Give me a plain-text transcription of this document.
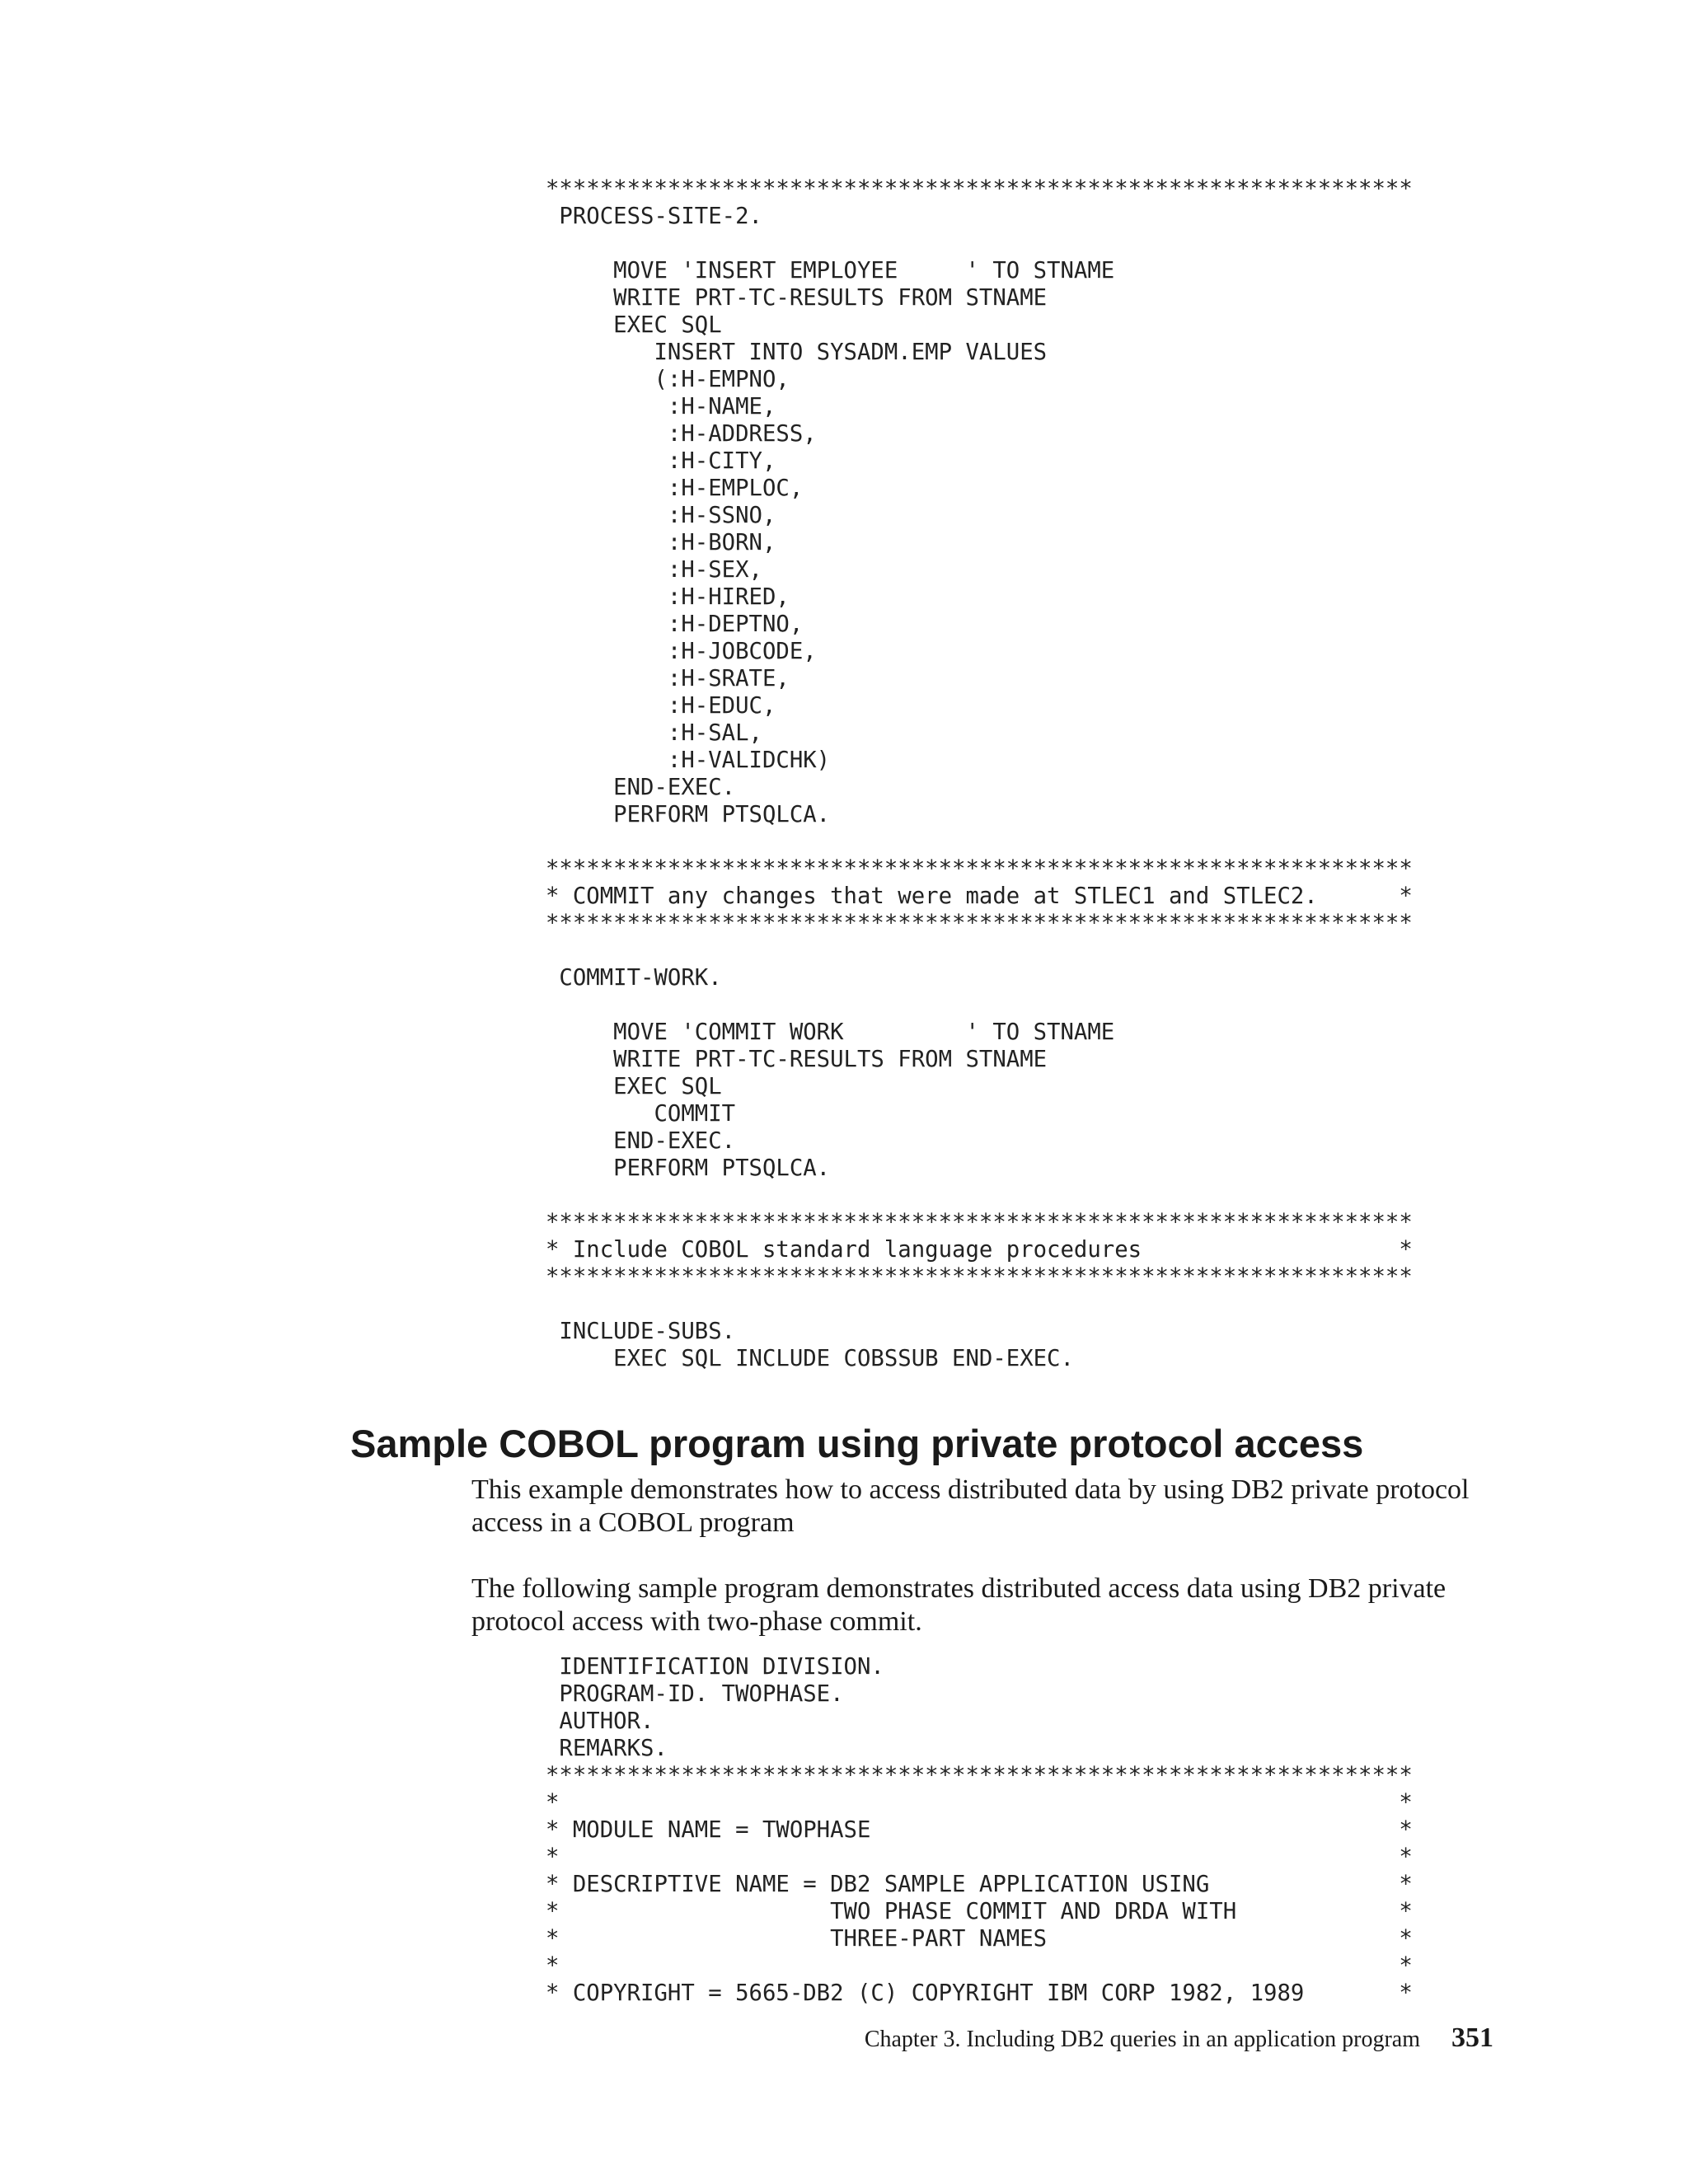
****************************************************************
PROCESS-SITE-2.

MOVE 'INSERT EMPLOYEE     ' TO STNAME
WRITE PRT-TC-RESULTS FROM STNAME
EXEC SQL
INSERT INTO SYSADM.EMP VALUES
(:H-EMPNO,
:H-NAME,
:H-ADDRESS,
:H-CITY,
:H-EMPLOC,
:H-SSNO,
:H-BORN,
:H-SEX,
:H-HIRED,
:H-DEPTNO,
:H-JOBCODE,
:H-SRATE,
:H-EDUC,
:H-SAL,
:H-VALIDCHK)
END-EXEC.
PERFORM PTSQLCA.

****************************************************************
* COMMIT any changes that were made at STLEC1 and STLEC2.      *
****************************************************************

COMMIT-WORK.

MOVE 'COMMIT WORK         ' TO STNAME
WRITE PRT-TC-RESULTS FROM STNAME
EXEC SQL
COMMIT
END-EXEC.
PERFORM PTSQLCA.

****************************************************************
* Include COBOL standard language procedures                   *
****************************************************************

INCLUDE-SUBS.
EXEC SQL INCLUDE COBSSUB END-EXEC.
Sample COBOL program using private protocol access

This example demonstrates how to access distributed data by using DB2 private protocol access in a COBOL program

The following sample program demonstrates distributed access data using DB2 private protocol access with two-phase commit.

IDENTIFICATION DIVISION.
PROGRAM-ID. TWOPHASE.
AUTHOR.
REMARKS.
****************************************************************
*                                                              *
* MODULE NAME = TWOPHASE                                       *
*                                                              *
* DESCRIPTIVE NAME = DB2 SAMPLE APPLICATION USING              *
*                    TWO PHASE COMMIT AND DRDA WITH            *
*                    THREE-PART NAMES                          *
*                                                              *
* COPYRIGHT = 5665-DB2 (C) COPYRIGHT IBM CORP 1982, 1989       *
Chapter 3. Including DB2 queries in an application program 351
